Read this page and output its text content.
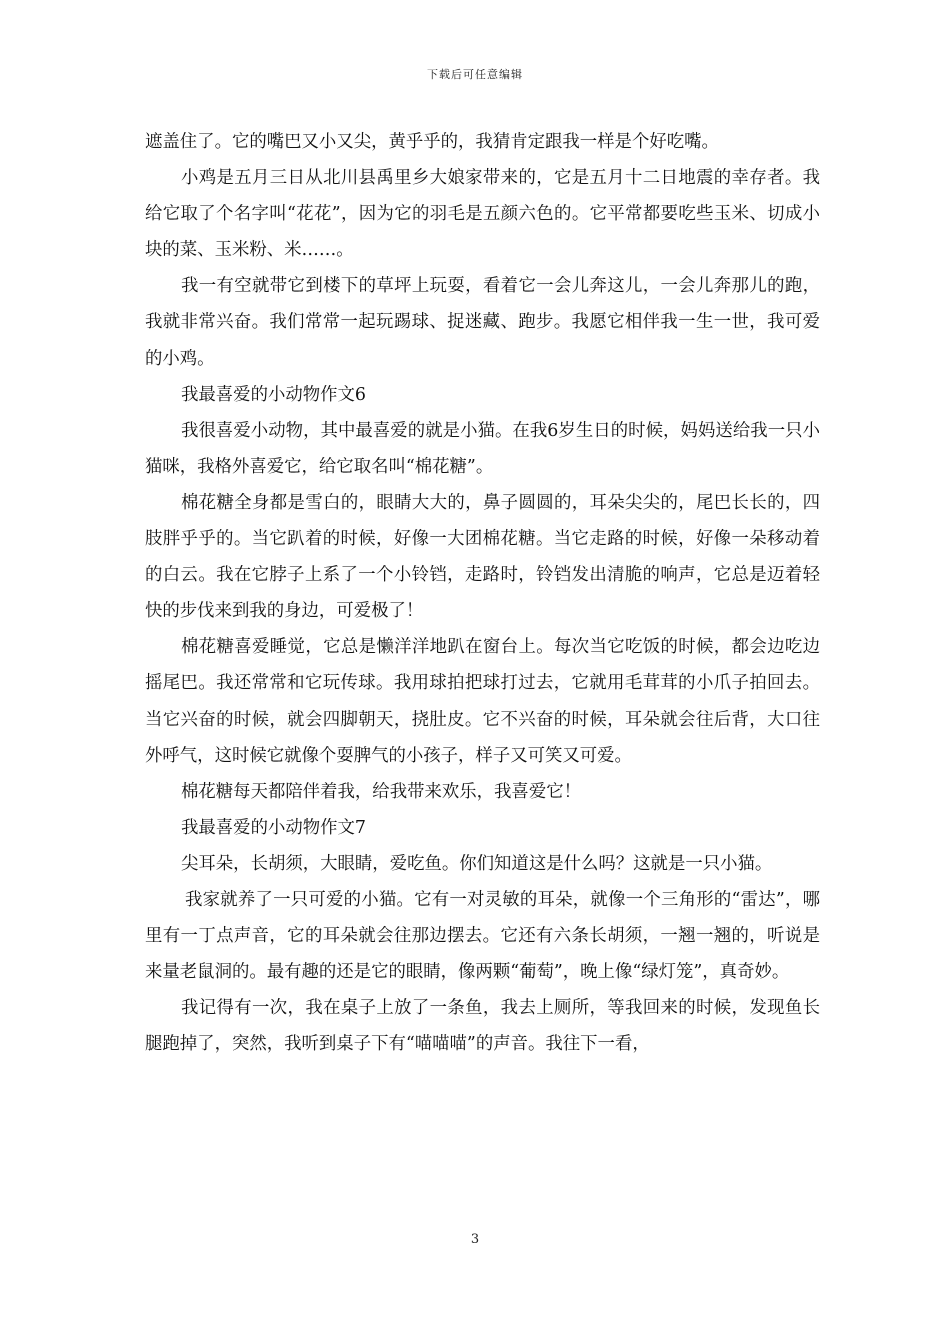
下载后可任意编辑

遮盖住了。它的嘴巴又小又尖，黄乎乎的，我猜肯定跟我一样是个好吃嘴。

小鸡是五月三日从北川县禹里乡大娘家带来的，它是五月十二日地震的幸存者。我给它取了个名字叫“花花”，因为它的羽毛是五颜六色的。它平常都要吃些玉米、切成小块的菜、玉米粉、米……。

我一有空就带它到楼下的草坪上玩耍，看着它一会儿奔这儿，一会儿奔那儿的跑，我就非常兴奋。我们常常一起玩踢球、捉迷藏、跑步。我愿它相伴我一生一世，我可爱的小鸡。

我最喜爱的小动物作文6

我很喜爱小动物，其中最喜爱的就是小猫。在我6岁生日的时候，妈妈送给我一只小猫咪，我格外喜爱它，给它取名叫“棉花糖”。

棉花糖全身都是雪白的，眼睛大大的，鼻子圆圆的，耳朵尖尖的，尾巴长长的，四肢胖乎乎的。当它趴着的时候，好像一大团棉花糖。当它走路的时候，好像一朵移动着的白云。我在它脖子上系了一个小铃铛，走路时，铃铛发出清脆的响声，它总是迈着轻快的步伐来到我的身边，可爱极了！

棉花糖喜爱睡觉，它总是懒洋洋地趴在窗台上。每次当它吃饭的时候，都会边吃边摇尾巴。我还常常和它玩传球。我用球拍把球打过去，它就用毛茸茸的小爪子拍回去。当它兴奋的时候，就会四脚朝天，挠肚皮。它不兴奋的时候，耳朵就会往后背，大口往外呼气，这时候它就像个耍脾气的小孩子，样子又可笑又可爱。

棉花糖每天都陪伴着我，给我带来欢乐，我喜爱它！

我最喜爱的小动物作文7

尖耳朵，长胡须，大眼睛，爱吃鱼。你们知道这是什么吗？这就是一只小猫。

我家就养了一只可爱的小猫。它有一对灵敏的耳朵，就像一个三角形的“雷达”，哪里有一丁点声音，它的耳朵就会往那边摆去。它还有六条长胡须，一翘一翘的，听说是来量老鼠洞的。最有趣的还是它的眼睛，像两颗“葡萄”，晚上像“绿灯笼”，真奇妙。

我记得有一次，我在桌子上放了一条鱼，我去上厕所，等我回来的时候，发现鱼长腿跑掉了，突然，我听到桌子下有“喵喵喵”的声音。我往下一看，

3
